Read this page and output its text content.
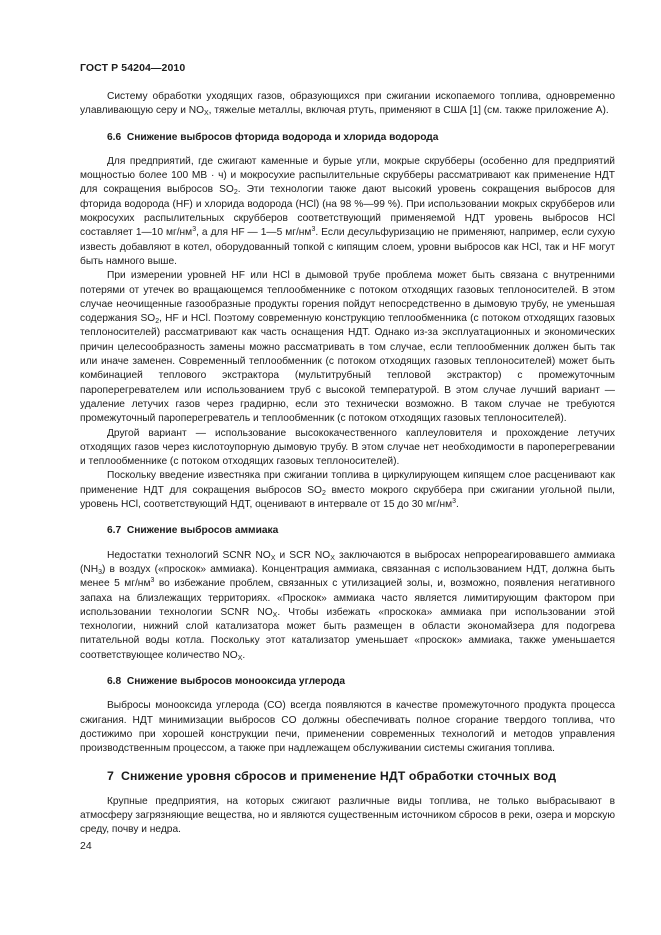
ГОСТ Р 54204—2010

Систему обработки уходящих газов, образующихся при сжигании ископаемого топлива, одновременно улавливающую серу и $NO_X$, тяжелые металлы, включая ртуть, применяют в США [1] (см. также приложение А).

6.6 Снижение выбросов фторида водорода и хлорида водорода

Для предприятий, где сжигают каменные и бурые угли, мокрые скрубберы (особенно для предприятий мощностью более 100 МВ · ч) и мокросухие распылительные скрубберы рассматривают как применение НДТ для сокращения выбросов $SO_2$. Эти технологии также дают высокий уровень сокращения выбросов для фторида водорода (HF) и хлорида водорода (HCl) (на 98 %—99 %). При использовании мокрых скрубберов или мокросухих распылительных скрубберов соответствующий применяемой НДТ уровень выбросов HCl составляет 1—10 $мг/нм^3$, а для HF — 1—5 $мг/нм^3$. Если десульфуризацию не применяют, например, если сухую известь добавляют в котел, оборудованный топкой с кипящим слоем, уровни выбросов как HCl, так и HF могут быть намного выше.

При измерении уровней HF или HCl в дымовой трубе проблема может быть связана с внутренними потерями от утечек во вращающемся теплообменнике с потоком отходящих газовых теплоносителей. В этом случае неочищенные газообразные продукты горения пойдут непосредственно в дымовую трубу, не уменьшая содержания $SO_2$, HF и HCl. Поэтому современную конструкцию теплообменника (с потоком отходящих газовых теплоносителей) рассматривают как часть оснащения НДТ. Однако из-за эксплуатационных и экономических причин целесообразность замены можно рассматривать в том случае, если теплообменник должен быть так или иначе заменен. Современный теплообменник (с потоком отходящих газовых теплоносителей) может быть комбинацией теплового экстрактора (мультитрубный тепловой экстрактор) с промежуточным пароперегревателем или использованием труб с высокой температурой. В этом случае лучший вариант — удаление летучих газов через градирню, если это технически возможно. В таком случае не требуются промежуточный пароперегреватель и теплообменник (с потоком отходящих газовых теплоносителей).

Другой вариант — использование высококачественного каплеуловителя и прохождение летучих отходящих газов через кислотоупорную дымовую трубу. В этом случае нет необходимости в пароперегревании и теплообменнике (с потоком отходящих газовых теплоносителей).

Поскольку введение известняка при сжигании топлива в циркулирующем кипящем слое расценивают как применение НДТ для сокращения выбросов $SO_2$ вместо мокрого скруббера при сжигании угольной пыли, уровень HCl, соответствующий НДТ, оценивают в интервале от 15 до 30 $мг/нм^3$.

6.7 Снижение выбросов аммиака

Недостатки технологий SCNR $NO_X$ и SCR $NO_X$ заключаются в выбросах непрореагировавшего аммиака $(NH_3)$ в воздух («проскок» аммиака). Концентрация аммиака, связанная с использованием НДТ, должна быть менее 5 $мг/нм^3$ во избежание проблем, связанных с утилизацией золы, и, возможно, появления негативного запаха на близлежащих территориях. «Проскок» аммиака часто является лимитирующим фактором при использовании технологии SCNR $NO_X$. Чтобы избежать «проскока» аммиака при использовании этой технологии, нижний слой катализатора может быть размещен в области экономайзера для подогрева питательной воды котла. Поскольку этот катализатор уменьшает «проскок» аммиака, также уменьшается соответствующее количество $NO_X$.

6.8 Снижение выбросов монооксида углерода

Выбросы монооксида углерода (CO) всегда появляются в качестве промежуточного продукта процесса сжигания. НДТ минимизации выбросов CO должны обеспечивать полное сгорание твердого топлива, что достижимо при хорошей конструкции печи, применении современных технологий и методов управления производственным процессом, а также при надлежащем обслуживании системы сжигания топлива.

7 Снижение уровня сбросов и применение НДТ обработки сточных вод

Крупные предприятия, на которых сжигают различные виды топлива, не только выбрасывают в атмосферу загрязняющие вещества, но и являются существенным источником сбросов в реки, озера и морскую среду, почву и недра.

24
